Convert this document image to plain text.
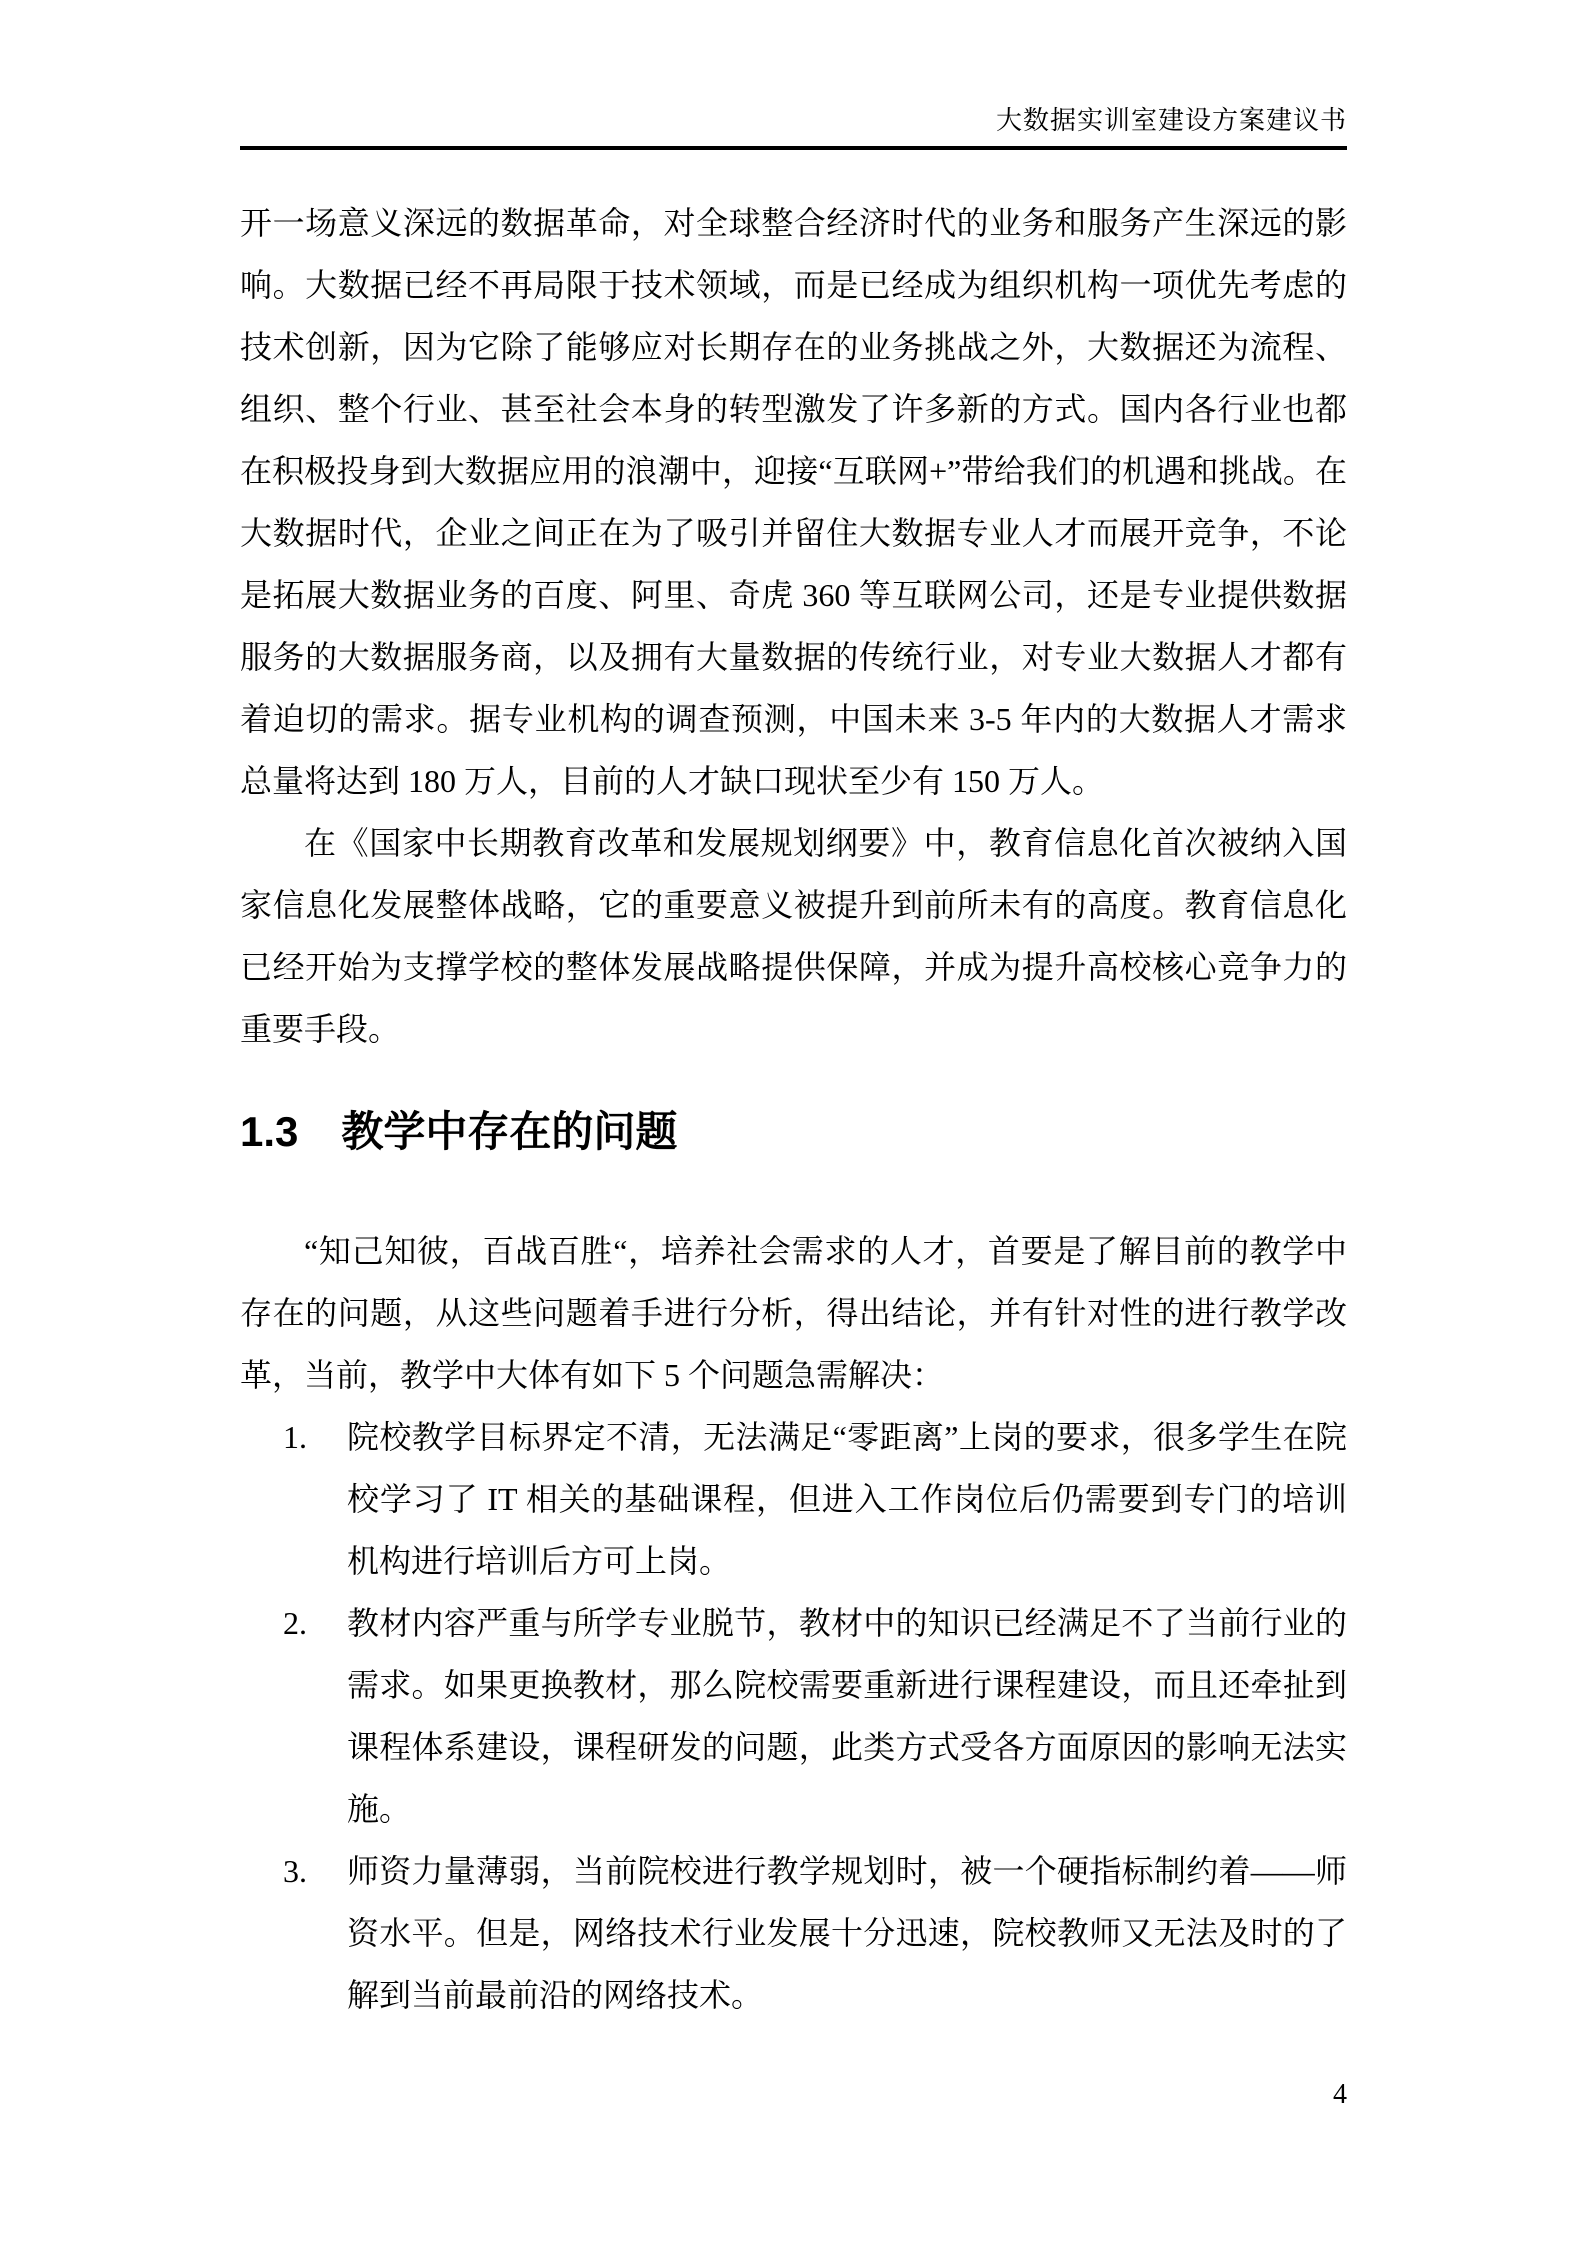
大数据实训室建设方案建议书

开一场意义深远的数据革命，对全球整合经济时代的业务和服务产生深远的影响。大数据已经不再局限于技术领域，而是已经成为组织机构一项优先考虑的技术创新，因为它除了能够应对长期存在的业务挑战之外，大数据还为流程、组织、整个行业、甚至社会本身的转型激发了许多新的方式。国内各行业也都在积极投身到大数据应用的浪潮中，迎接“互联网+”带给我们的机遇和挑战。在大数据时代，企业之间正在为了吸引并留住大数据专业人才而展开竞争，不论是拓展大数据业务的百度、阿里、奇虎 360 等互联网公司，还是专业提供数据服务的大数据服务商，以及拥有大量数据的传统行业，对专业大数据人才都有着迫切的需求。据专业机构的调查预测，中国未来 3-5 年内的大数据人才需求总量将达到 180 万人，目前的人才缺口现状至少有 150 万人。

在《国家中长期教育改革和发展规划纲要》中，教育信息化首次被纳入国家信息化发展整体战略，它的重要意义被提升到前所未有的高度。教育信息化已经开始为支撑学校的整体发展战略提供保障，并成为提升高校核心竞争力的重要手段。

1.3 教学中存在的问题

“知己知彼，百战百胜“，培养社会需求的人才，首要是了解目前的教学中存在的问题，从这些问题着手进行分析，得出结论，并有针对性的进行教学改革，当前，教学中大体有如下 5 个问题急需解决：

1.	院校教学目标界定不清，无法满足“零距离”上岗的要求，很多学生在院校学习了 IT 相关的基础课程，但进入工作岗位后仍需要到专门的培训机构进行培训后方可上岗。
2.	教材内容严重与所学专业脱节，教材中的知识已经满足不了当前行业的需求。如果更换教材，那么院校需要重新进行课程建设，而且还牵扯到课程体系建设，课程研发的问题，此类方式受各方面原因的影响无法实施。
3.	师资力量薄弱，当前院校进行教学规划时，被一个硬指标制约着——师资水平。但是，网络技术行业发展十分迅速，院校教师又无法及时的了解到当前最前沿的网络技术。
4
